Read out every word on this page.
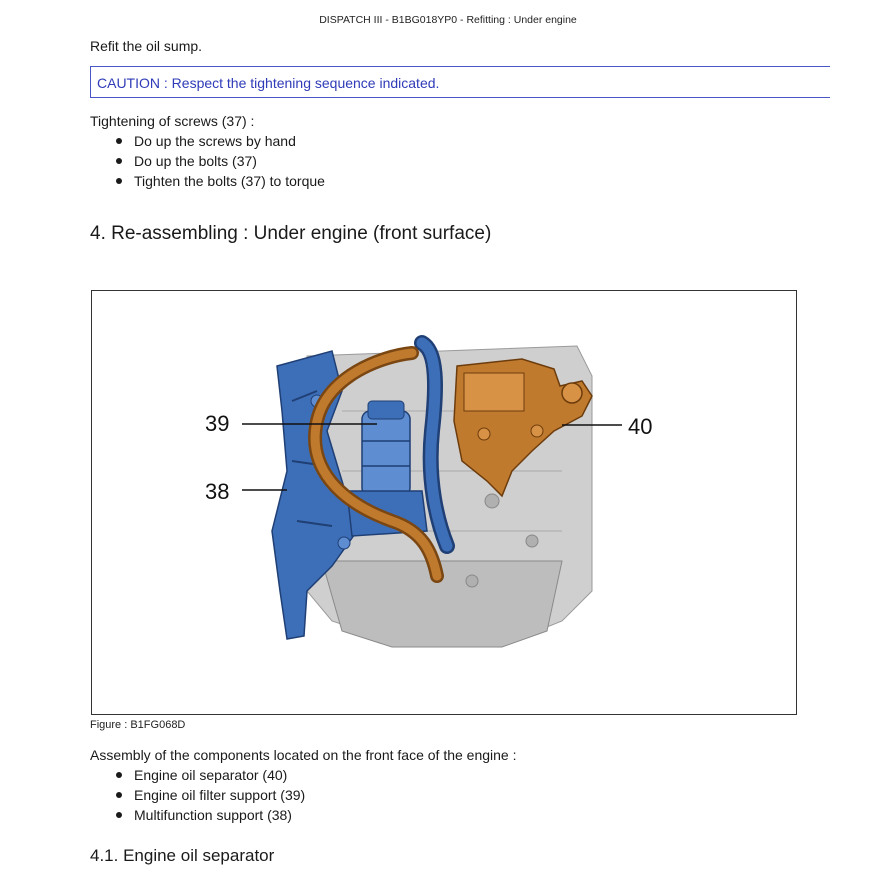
DISPATCH III - B1BG018YP0 - Refitting : Under engine
Refit the oil sump.
CAUTION : Respect the tightening sequence indicated.
Tightening of screws (37) :
Do up the screws by hand
Do up the bolts (37)
Tighten the bolts (37) to torque
4. Re-assembling : Under engine (front surface)
39
38
40
Figure : B1FG068D
Assembly of the components located on the front face of the engine :
Engine oil separator (40)
Engine oil filter support (39)
Multifunction support (38)
4.1. Engine oil separator
